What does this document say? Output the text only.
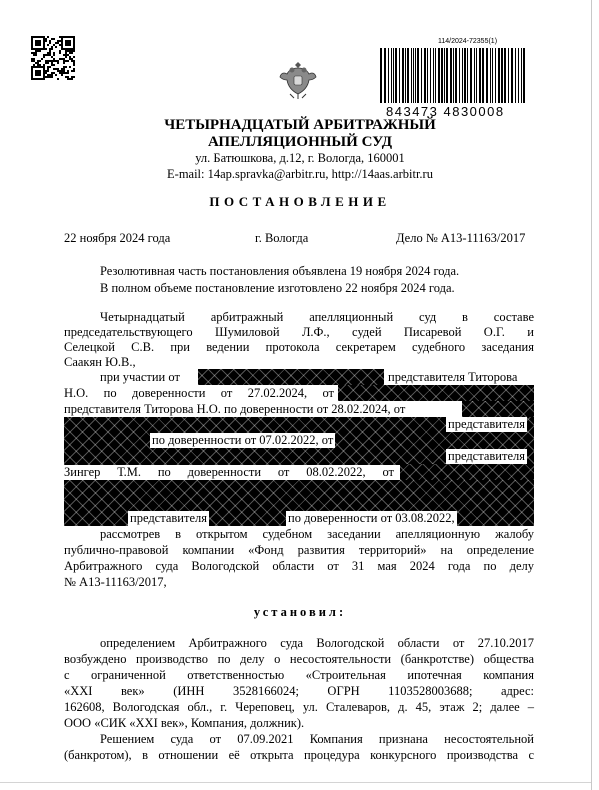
114/2024-72355(1)
843473 4830008
ЧЕТЫРНАДЦАТЫЙ АРБИТРАЖНЫЙ
АПЕЛЛЯЦИОННЫЙ СУД
ул. Батюшкова, д.12, г. Вологда, 160001
E-mail: 14ap.spravka@arbitr.ru, http://14aas.arbitr.ru
ПОСТАНОВЛЕНИЕ
22 ноября 2024 года	г. Вологда	Дело № А13-11163/2017
Резолютивная часть постановления объявлена 19 ноября 2024 года.
В полном объеме постановление изготовлено 22 ноября 2024 года.
Четырнадцатый арбитражный апелляционный суд в составе
председательствующего Шумиловой Л.Ф., судей Писаревой О.Г. и
Селецкой С.В. при ведении протокола секретарем судебного заседания
Саакян Ю.В.,
при участии от	представителя Титорова
Н.О. по доверенности от 27.02.2024, от
представителя Титорова Н.О. по доверенности от 28.02.2024, от
представителя
по доверенности от 07.02.2022, от
представителя
Зингер Т.М. по доверенности от 08.02.2022, от
представителя	по доверенности от 03.08.2022,
рассмотрев в открытом судебном заседании апелляционную жалобу
публично-правовой компании «Фонд развития территорий» на определение
Арбитражного суда Вологодской области от 31 мая 2024 года по делу
№ А13-11163/2017,
установил:
определением Арбитражного суда Вологодской области от 27.10.2017
возбуждено производство по делу о несостоятельности (банкротстве) общества
с ограниченной ответственностью «Строительная ипотечная компания
«XXI век» (ИНН 3528166024; ОГРН 1103528003688; адрес:
162608, Вологодская обл., г. Череповец, ул. Сталеваров, д. 45, этаж 2; далее –
ООО «СИК «XXI век», Компания, должник).
Решением суда от 07.09.2021 Компания признана несостоятельной
(банкротом), в отношении её открыта процедура конкурсного производства с
